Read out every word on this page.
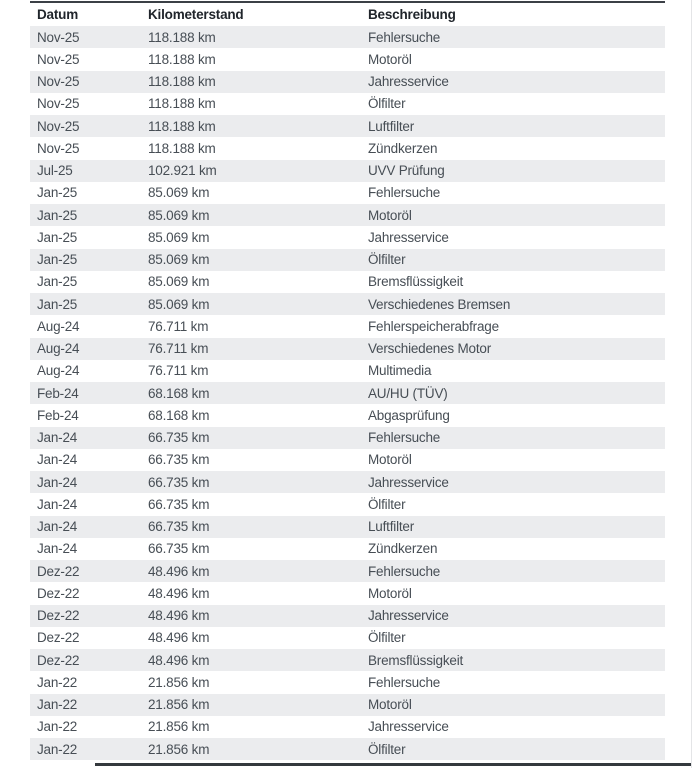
Datum	Kilometerstand	Beschreibung
Nov-25	118.188 km	Fehlersuche
Nov-25	118.188 km	Motoröl
Nov-25	118.188 km	Jahresservice
Nov-25	118.188 km	Ölfilter
Nov-25	118.188 km	Luftfilter
Nov-25	118.188 km	Zündkerzen
Jul-25	102.921 km	UVV Prüfung
Jan-25	85.069 km	Fehlersuche
Jan-25	85.069 km	Motoröl
Jan-25	85.069 km	Jahresservice
Jan-25	85.069 km	Ölfilter
Jan-25	85.069 km	Bremsflüssigkeit
Jan-25	85.069 km	Verschiedenes Bremsen
Aug-24	76.711 km	Fehlerspeicherabfrage
Aug-24	76.711 km	Verschiedenes Motor
Aug-24	76.711 km	Multimedia
Feb-24	68.168 km	AU/HU (TÜV)
Feb-24	68.168 km	Abgasprüfung
Jan-24	66.735 km	Fehlersuche
Jan-24	66.735 km	Motoröl
Jan-24	66.735 km	Jahresservice
Jan-24	66.735 km	Ölfilter
Jan-24	66.735 km	Luftfilter
Jan-24	66.735 km	Zündkerzen
Dez-22	48.496 km	Fehlersuche
Dez-22	48.496 km	Motoröl
Dez-22	48.496 km	Jahresservice
Dez-22	48.496 km	Ölfilter
Dez-22	48.496 km	Bremsflüssigkeit
Jan-22	21.856 km	Fehlersuche
Jan-22	21.856 km	Motoröl
Jan-22	21.856 km	Jahresservice
Jan-22	21.856 km	Ölfilter
